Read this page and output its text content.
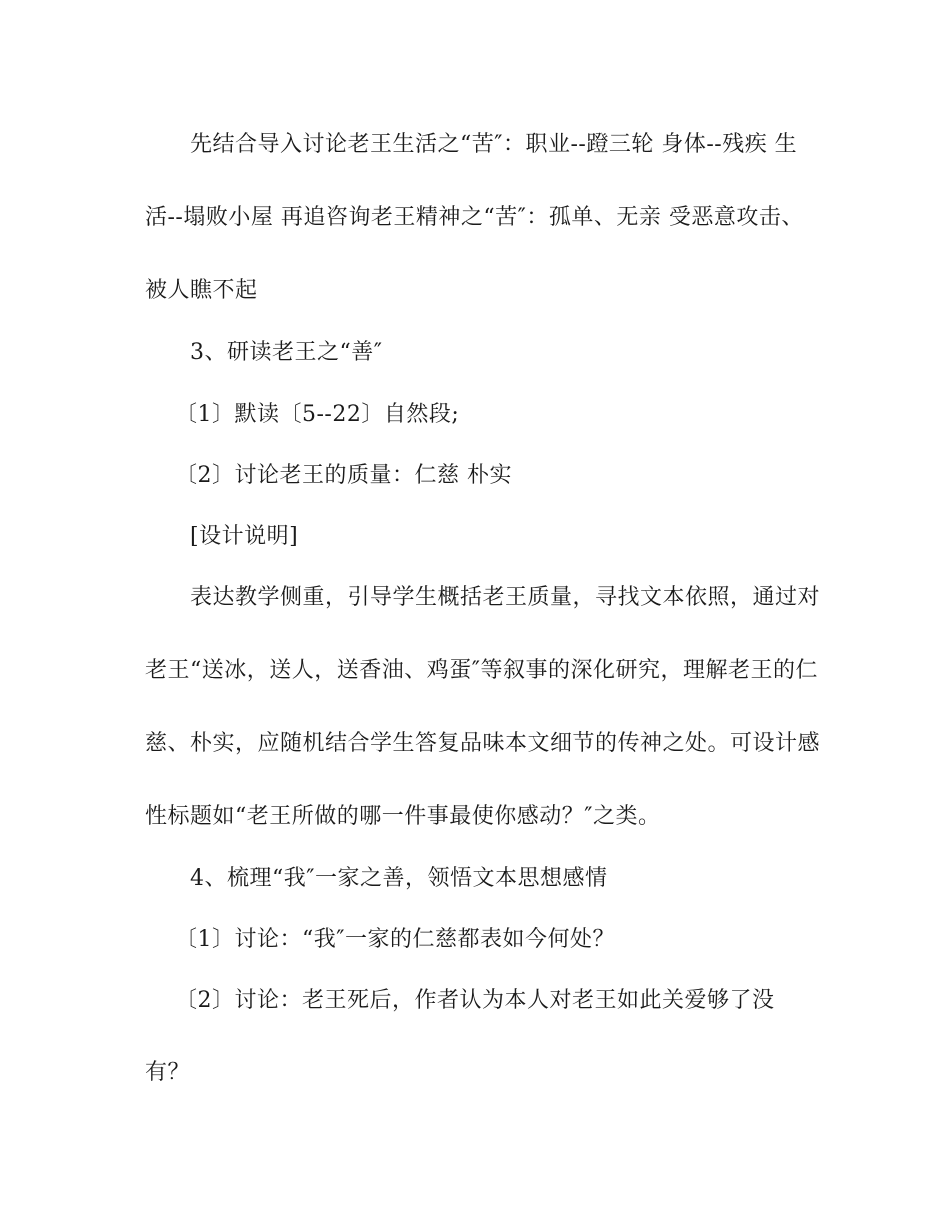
先结合导入讨论老王生活之“苦″：职业--蹬三轮 身体--残疾 生
活--塌败小屋 再追咨询老王精神之“苦″：孤单、无亲 受恶意攻击、
被人瞧不起
3、研读老王之“善″
〔1〕默读〔5--22〕自然段;
〔2〕讨论老王的质量：仁慈 朴实
[设计说明]
表达教学侧重，引导学生概括老王质量，寻找文本依照，通过对
老王“送冰，送人，送香油、鸡蛋″等叙事的深化研究，理解老王的仁
慈、朴实，应随机结合学生答复品味本文细节的传神之处。可设计感
性标题如“老王所做的哪一件事最使你感动？″之类。
4、梳理“我″一家之善，领悟文本思想感情
〔1〕讨论：“我″一家的仁慈都表如今何处？
〔2〕讨论：老王死后，作者认为本人对老王如此关爱够了没
有？
